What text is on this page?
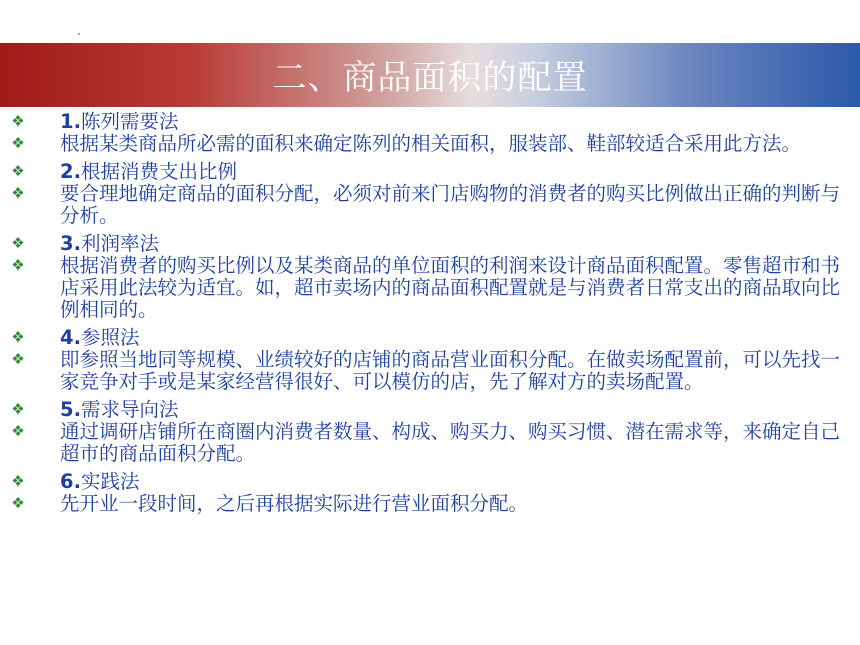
二、商品面积的配置
❖ 1.陈列需要法
❖ 根据某类商品所必需的面积来确定陈列的相关面积，服装部、鞋部较适合采用此方法。
❖ 2.根据消费支出比例
❖ 要合理地确定商品的面积分配，必须对前来门店购物的消费者的购买比例做出正确的判断与分析。
❖ 3.利润率法
❖ 根据消费者的购买比例以及某类商品的单位面积的利润来设计商品面积配置。零售超市和书店采用此法较为适宜。如，超市卖场内的商品面积配置就是与消费者日常支出的商品取向比例相同的。
❖ 4.参照法
❖ 即参照当地同等规模、业绩较好的店铺的商品营业面积分配。在做卖场配置前，可以先找一家竞争对手或是某家经营得很好、可以模仿的店，先了解对方的卖场配置。
❖ 5.需求导向法
❖ 通过调研店铺所在商圈内消费者数量、构成、购买力、购买习惯、潜在需求等，来确定自己超市的商品面积分配。
❖ 6.实践法
❖ 先开业一段时间，之后再根据实际进行营业面积分配。
